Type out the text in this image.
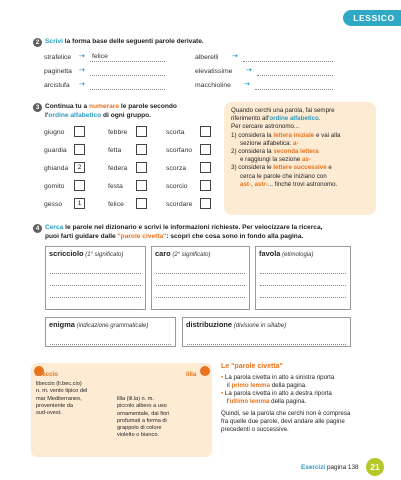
LESSICO
2 Scrivi la forma base delle seguenti parole derivate.
strafelice ➝ felice
paginetta ➝
arcistufa ➝
alberelli ➝
elevatissime ➝
macchioline ➝
3 Continua tu a numerare le parole secondo
l'ordine alfabetico di ogni gruppo.
giugno
guardia
ghianda	2
gomito
gesso	1
febbre
fetta
federa
festa
felice
scorta
scorfano
scorza
scorcio
scordare
Quando cerchi una parola, fai sempre
riferimento all'ordine alfabetico.
Per cercare astronomo...
1) considera la lettera iniziale e vai alla
sezione alfabetica: a-
2) considera la seconda lettera
e raggiungi la sezione as-
3) considera le lettere successive e
cerca le parole che iniziano con
ast-, astr-... finché trovi astronomo.
4 Cerca le parole nel dizionario e scrivi le informazioni richieste. Per velocizzare la ricerca,
puoi farti guidare dalle "parole civetta": scopri che cosa sono in fondo alla pagina.
scricciolo (1° significato)	caro (2° significato)	favola (etimologia)
enigma (indicazione grammaticale)	distribuzione (divisione in sillabe)
libeccio	lilla
libeccio (li.bec.cio)
n. m. vento tipico del
mar Mediterraneo,
proveniente da
sud-ovest.
lilla (lil.la) n. m.
piccolo albero a uso
ornamentale, dai fiori
profumati a forma di
grappolo di colore
violetto o bianco.
Le "parole civetta"
• La parola civetta in alto a sinistra riporta
il primo lemma della pagina.
• La parola civetta in alto a destra riporta
l'ultimo lemma della pagina.
Quindi, se la parola che cerchi non è compresa
fra quelle due parole, devi andare alle pagine
precedenti o successive.
Esercizi pagina 138	21
